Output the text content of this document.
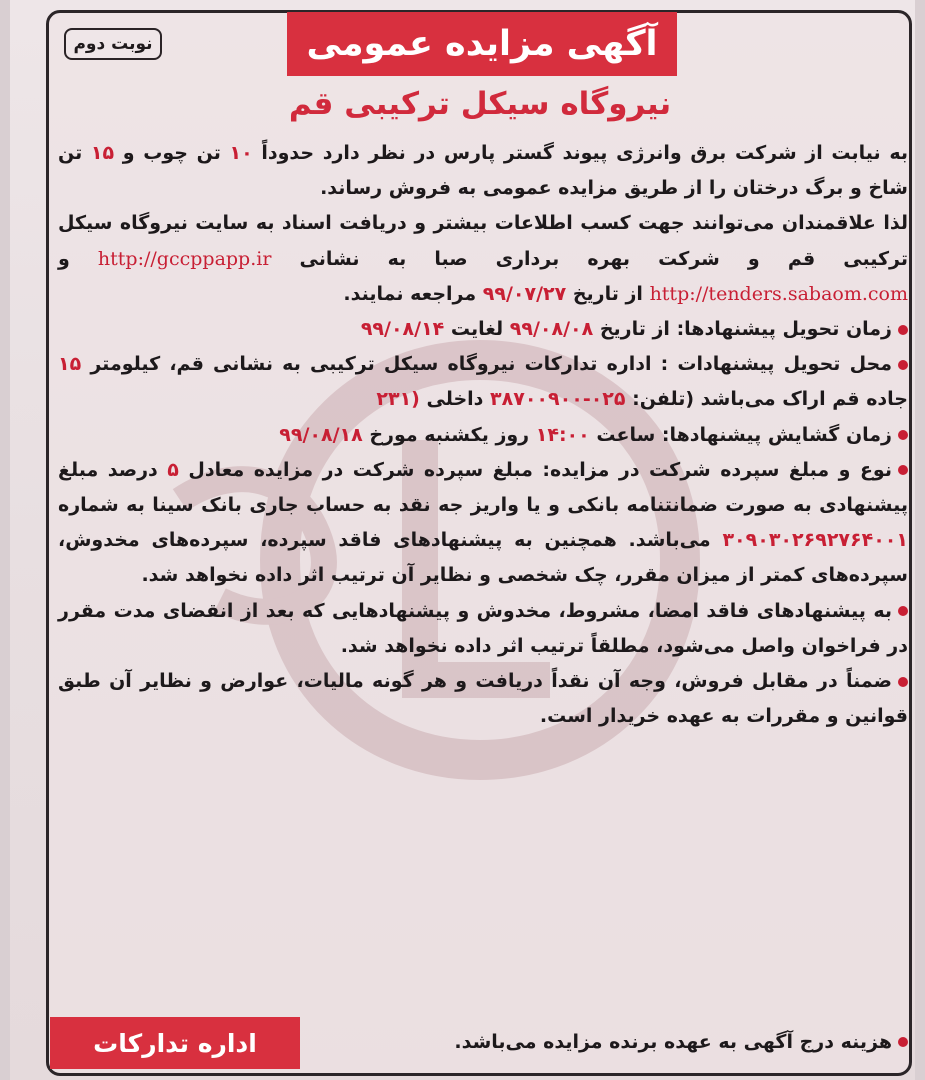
نوبت دوم	آگهی مزایده عمومی
نیروگاه سیکل ترکیبی قم

به نیابت از شرکت برق وانرژی پیوند گستر پارس در نظر دارد حدوداً ۱۰ تن چوب و ۱۵ تن شاخ و برگ درختان را از طریق مزایده عمومی به فروش رساند.

لذا علاقمندان می‌توانند جهت کسب اطلاعات بیشتر و دریافت اسناد به سایت نیروگاه سیکل ترکیبی قم و شرکت بهره برداری صبا به نشانی http://gccppapp.ir و http://tenders.sabaom.com از تاریخ ۹۹/۰۷/۲۷ مراجعه نمایند.

زمان تحویل پیشنهادها: از تاریخ ۹۹/۰۸/۰۸ لغایت ۹۹/۰۸/۱۴

محل تحویل پیشنهادات : اداره تدارکات نیروگاه سیکل ترکیبی به نشانی قم، کیلومتر ۱۵ جاده قم اراک می‌باشد (تلفن: ۰۲۵-۳۸۷۰۰۹۰۰ داخلی (۲۳۱

زمان گشایش پیشنهادها: ساعت ۱۴:۰۰ روز یکشنبه مورخ ۹۹/۰۸/۱۸

نوع و مبلغ سپرده شرکت در مزایده: مبلغ سپرده شرکت در مزایده معادل ۵ درصد مبلغ پیشنهادی به صورت ضمانتنامه بانکی و یا واریز جه نقد به حساب جاری بانک سینا به شماره ۳۰۹۰۳۰۲۶۹۲۷۶۴۰۰۱ می‌باشد. همچنین به پیشنهادهای فاقد سپرده، سپرده‌های مخدوش، سپرده‌های کمتر از میزان مقرر، چک شخصی و نظایر آن ترتیب اثر داده نخواهد شد.

به پیشنهادهای فاقد امضا، مشروط، مخدوش و پیشنهادهایی که بعد از انقضای مدت مقرر در فراخوان واصل می‌شود، مطلقاً ترتیب اثر داده نخواهد شد.

ضمناً در مقابل فروش، وجه آن نقداً دریافت و هر گونه مالیات، عوارض و نظایر آن طبق قوانین و مقررات به عهده خریدار است.

هزینه درج آگهی به عهده برنده مزایده می‌باشد.
اداره تدارکات
